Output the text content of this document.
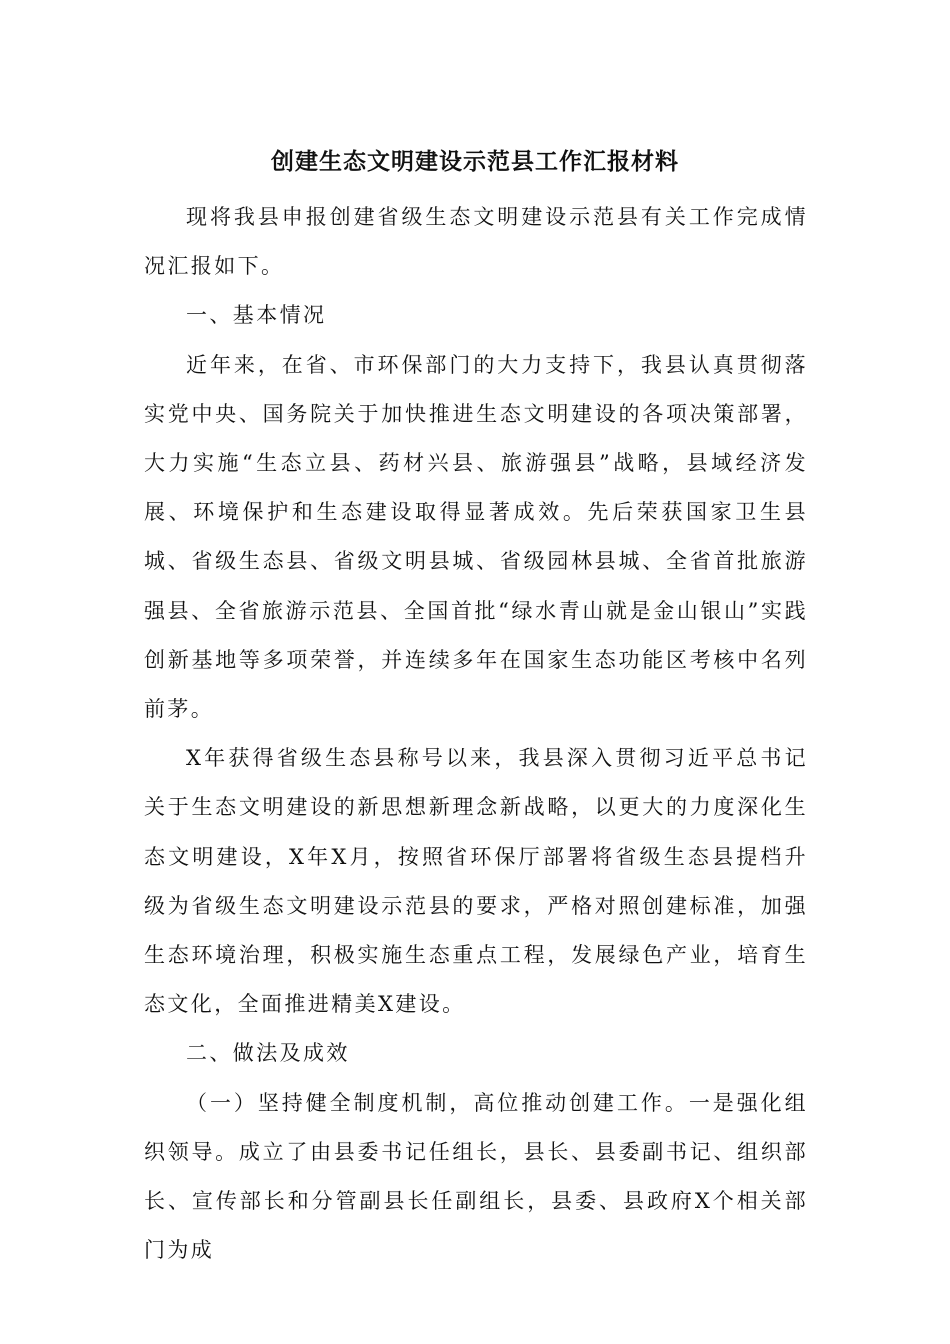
创建生态文明建设示范县工作汇报材料

现将我县申报创建省级生态文明建设示范县有关工作完成情况汇报如下。

一、基本情况

近年来，在省、市环保部门的大力支持下，我县认真贯彻落实党中央、国务院关于加快推进生态文明建设的各项决策部署，大力实施“生态立县、药材兴县、旅游强县”战略，县域经济发展、环境保护和生态建设取得显著成效。先后荣获国家卫生县城、省级生态县、省级文明县城、省级园林县城、全省首批旅游强县、全省旅游示范县、全国首批“绿水青山就是金山银山”实践创新基地等多项荣誉，并连续多年在国家生态功能区考核中名列前茅。

X年获得省级生态县称号以来，我县深入贯彻习近平总书记关于生态文明建设的新思想新理念新战略，以更大的力度深化生态文明建设，X年X月，按照省环保厅部署将省级生态县提档升级为省级生态文明建设示范县的要求，严格对照创建标准，加强生态环境治理，积极实施生态重点工程，发展绿色产业，培育生态文化，全面推进精美X建设。

二、做法及成效

（一）坚持健全制度机制，高位推动创建工作。一是强化组织领导。成立了由县委书记任组长，县长、县委副书记、组织部长、宣传部长和分管副县长任副组长，县委、县政府X个相关部门为成
